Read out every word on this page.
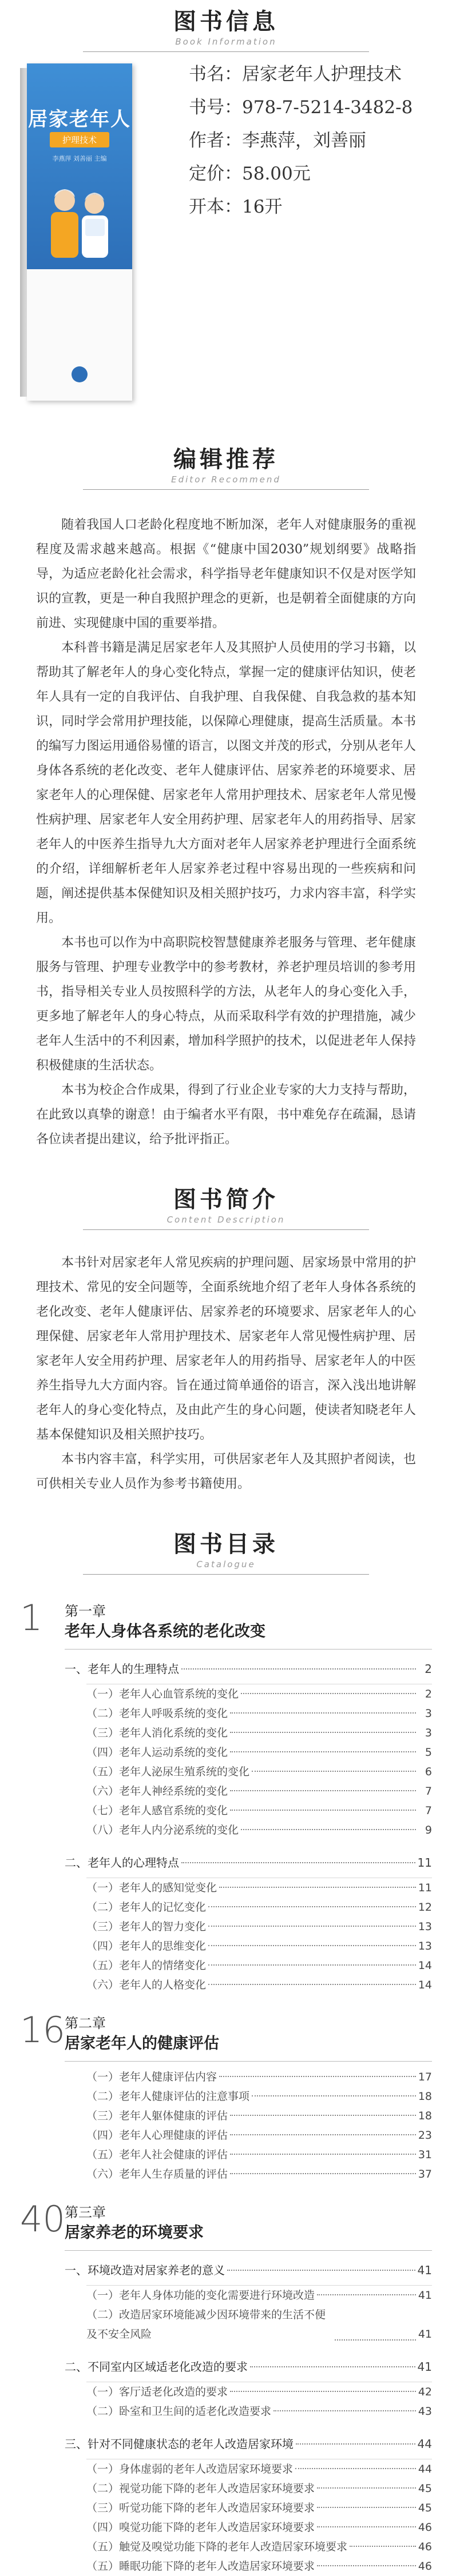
图书信息
Book Information
居家老年人
护理技术
李燕萍 刘善丽 主编
书名：居家老年人护理技术
书号：978-7-5214-3482-8
作者：李燕萍，刘善丽
定价：58.00元
开本：16开
编辑推荐
Editor Recommend

随着我国人口老龄化程度地不断加深，老年人对健康服务的重视程度及需求越来越高。根据《“健康中国2030”规划纲要》战略指导，为适应老龄化社会需求，科学指导老年健康知识不仅是对医学知识的宣教，更是一种自我照护理念的更新，也是朝着全面健康的方向前进、实现健康中国的重要举措。

本科普书籍是满足居家老年人及其照护人员使用的学习书籍，以帮助其了解老年人的身心变化特点，掌握一定的健康评估知识，使老年人具有一定的自我评估、自我护理、自我保健、自我急救的基本知识，同时学会常用护理技能，以保障心理健康，提高生活质量。本书的编写力图运用通俗易懂的语言，以图文并茂的形式，分别从老年人身体各系统的老化改变、老年人健康评估、居家养老的环境要求、居家老年人的心理保健、居家老年人常用护理技术、居家老年人常见慢性病护理、居家老年人安全用药护理、居家老年人的用药指导、居家老年人的中医养生指导九大方面对老年人居家养老护理进行全面系统的介绍，详细解析老年人居家养老过程中容易出现的一些疾病和问题，阐述提供基本保健知识及相关照护技巧，力求内容丰富，科学实用。

本书也可以作为中高职院校智慧健康养老服务与管理、老年健康服务与管理、护理专业教学中的参考教材，养老护理员培训的参考用书，指导相关专业人员按照科学的方法，从老年人的身心变化入手，更多地了解老年人的身心特点，从而采取科学有效的护理措施，减少老年人生活中的不利因素，增加科学照护的技术，以促进老年人保持积极健康的生活状态。

本书为校企合作成果，得到了行业企业专家的大力支持与帮助，在此致以真挚的谢意！由于编者水平有限，书中难免存在疏漏，恳请各位读者提出建议，给予批评指正。

图书简介
Content Description

本书针对居家老年人常见疾病的护理问题、居家场景中常用的护理技术、常见的安全问题等，全面系统地介绍了老年人身体各系统的老化改变、老年人健康评估、居家养老的环境要求、居家老年人的心理保健、居家老年人常用护理技术、居家老年人常见慢性病护理、居家老年人安全用药护理、居家老年人的用药指导、居家老年人的中医养生指导九大方面内容。旨在通过简单通俗的语言，深入浅出地讲解老年人的身心变化特点，及由此产生的身心问题，使读者知晓老年人基本保健知识及相关照护技巧。

本书内容丰富，科学实用，可供居家老年人及其照护者阅读，也可供相关专业人员作为参考书籍使用。

图书目录
Catalogue
1 第一章
老年人身体各系统的老化改变
一、老年人的生理特点	2
（一）老年人心血管系统的变化	2
（二）老年人呼吸系统的变化	3
（三）老年人消化系统的变化	3
（四）老年人运动系统的变化	5
（五）老年人泌尿生殖系统的变化	6
（六）老年人神经系统的变化	7
（七）老年人感官系统的变化	7
（八）老年人内分泌系统的变化	9
二、老年人的心理特点	11
（一）老年人的感知觉变化	11
（二）老年人的记忆变化	12
（三）老年人的智力变化	13
（四）老年人的思维变化	13
（五）老年人的情绪变化	14
（六）老年人的人格变化	14
16 第二章
居家老年人的健康评估
（一）老年人健康评估内容	17
（二）老年人健康评估的注意事项	18
（三）老年人躯体健康的评估	18
（四）老年人心理健康的评估	23
（五）老年人社会健康的评估	31
（六）老年人生存质量的评估	37
40 第三章
居家养老的环境要求
一、环境改造对居家养老的意义	41
（一）老年人身体功能的变化需要进行环境改造	41
（二）改造居家环境能减少因环境带来的生活不便及不安全风险	41
二、不同室内区域适老化改造的要求	41
（一）客厅适老化改造的要求	42
（二）卧室和卫生间的适老化改造要求	43
三、针对不同健康状态的老年人改造居家环境	44
（一）身体虚弱的老年人改造居家环境要求	44
（二）视觉功能下降的老年人改造居家环境要求	45
（三）听觉功能下降的老年人改造居家环境要求	45
（四）嗅觉功能下降的老年人改造居家环境要求	46
（五）触觉及嗅觉功能下降的老年人改造居家环境要求	46
（五）睡眠功能下降的老年人改造居家环境要求	46
